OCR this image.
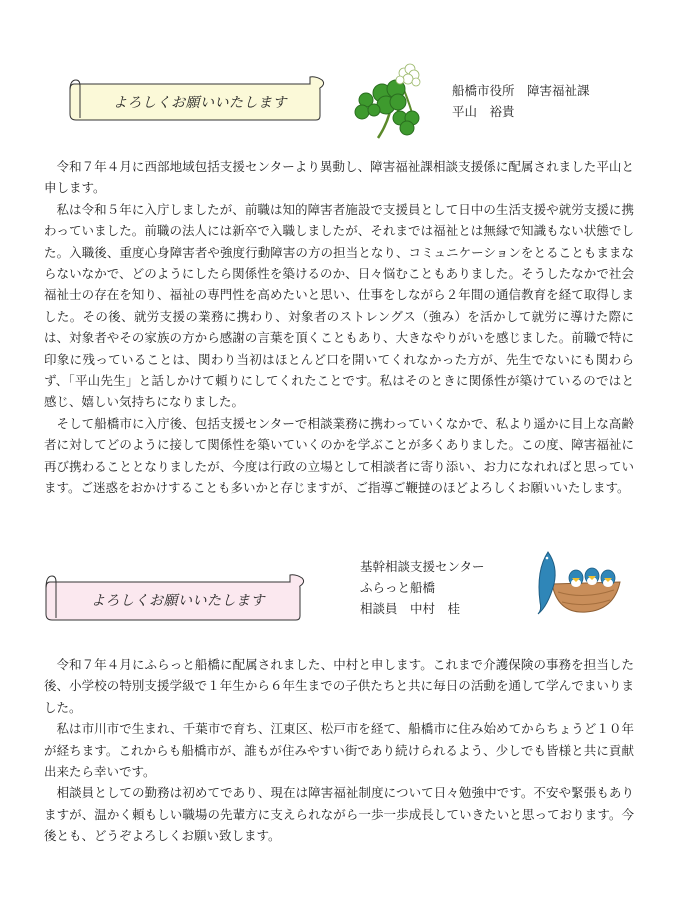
よろしくお願いいたします
船橋市役所　障害福祉課
平山　裕貴

令和７年４月に西部地域包括支援センターより異動し、障害福祉課相談支援係に配属されました平山と申します。

私は令和５年に入庁しましたが、前職は知的障害者施設で支援員として日中の生活支援や就労支援に携わっていました。前職の法人には新卒で入職しましたが、それまでは福祉とは無縁で知識もない状態でした。入職後、重度心身障害者や強度行動障害の方の担当となり、コミュニケーションをとることもままならないなかで、どのようにしたら関係性を築けるのか、日々悩むこともありました。そうしたなかで社会福祉士の存在を知り、福祉の専門性を高めたいと思い、仕事をしながら２年間の通信教育を経て取得しました。その後、就労支援の業務に携わり、対象者のストレングス（強み）を活かして就労に導けた際には、対象者やその家族の方から感謝の言葉を頂くこともあり、大きなやりがいを感じました。前職で特に印象に残っていることは、関わり当初はほとんど口を開いてくれなかった方が、先生でないにも関わらず、「平山先生」と話しかけて頼りにしてくれたことです。私はそのときに関係性が築けているのではと感じ、嬉しい気持ちになりました。

そして船橋市に入庁後、包括支援センターで相談業務に携わっていくなかで、私より遥かに目上な高齢者に対してどのように接して関係性を築いていくのかを学ぶことが多くありました。この度、障害福祉に再び携わることとなりましたが、今度は行政の立場として相談者に寄り添い、お力になれればと思っています。ご迷惑をおかけすることも多いかと存じますが、ご指導ご鞭撻のほどよろしくお願いいたします。

よろしくお願いいたします
基幹相談支援センター
ふらっと船橋
相談員　中村　桂

令和７年４月にふらっと船橋に配属されました、中村と申します。これまで介護保険の事務を担当した後、小学校の特別支援学級で１年生から６年生までの子供たちと共に毎日の活動を通して学んでまいりました。

私は市川市で生まれ、千葉市で育ち、江東区、松戸市を経て、船橋市に住み始めてからちょうど１０年が経ちます。これからも船橋市が、誰もが住みやすい街であり続けられるよう、少しでも皆様と共に貢献出来たら幸いです。

相談員としての勤務は初めてであり、現在は障害福祉制度について日々勉強中です。不安や緊張もありますが、温かく頼もしい職場の先輩方に支えられながら一歩一歩成長していきたいと思っております。今後とも、どうぞよろしくお願い致します。
